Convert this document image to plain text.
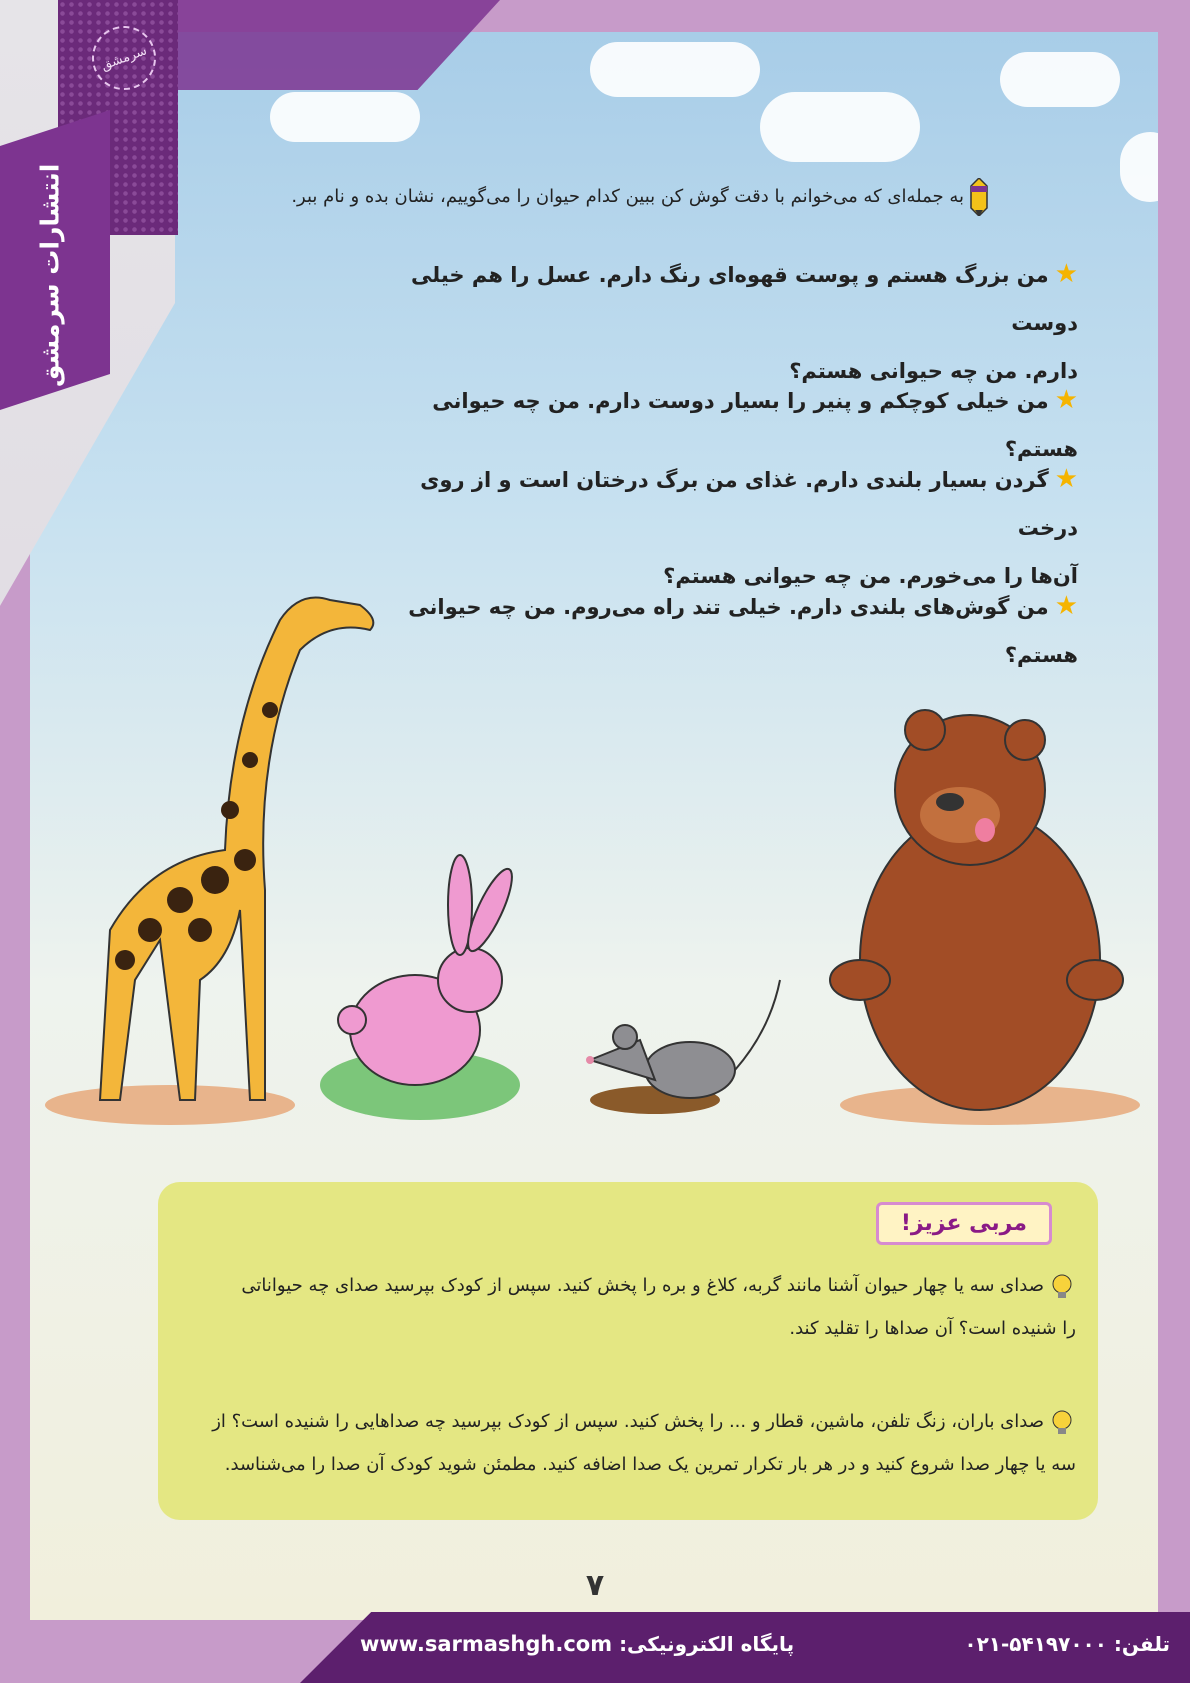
سرمشق
انتشارات سرمشق	به جمله‌ای که می‌خوانم با دقت گوش کن ببین کدام حیوان را می‌گوییم، نشان بده و نام ببر.
★من بزرگ هستم و پوست قهوه‌ای رنگ دارم. عسل را هم خیلی دوست
دارم. من چه حیوانی هستم؟
★من خیلی کوچکم و پنیر را بسیار دوست دارم. من چه حیوانی هستم؟
★گردن بسیار بلندی دارم. غذای من برگ درختان است و از روی درخت
آن‌ها را می‌خورم. من چه حیوانی هستم؟
★من گوش‌های بلندی دارم. خیلی تند راه می‌روم. من چه حیوانی هستم؟
مربی عزیز!
صدای سه یا چهار حیوان آشنا مانند گربه، کلاغ و بره را پخش کنید. سپس از کودک بپرسید صدای چه حیواناتی
را شنیده است؟ آن صداها را تقلید کند.
صدای باران، زنگ تلفن، ماشین، قطار و ... را پخش کنید. سپس از کودک بپرسید چه صداهایی را شنیده است؟ از
سه یا چهار صدا شروع کنید و در هر بار تکرار تمرین یک صدا اضافه کنید. مطمئن شوید کودک آن صدا را می‌شناسد.
۷
پایگاه الکترونیکی: www.sarmashgh.com	تلفن: ۰۲۱-۵۴۱۹۷۰۰۰
